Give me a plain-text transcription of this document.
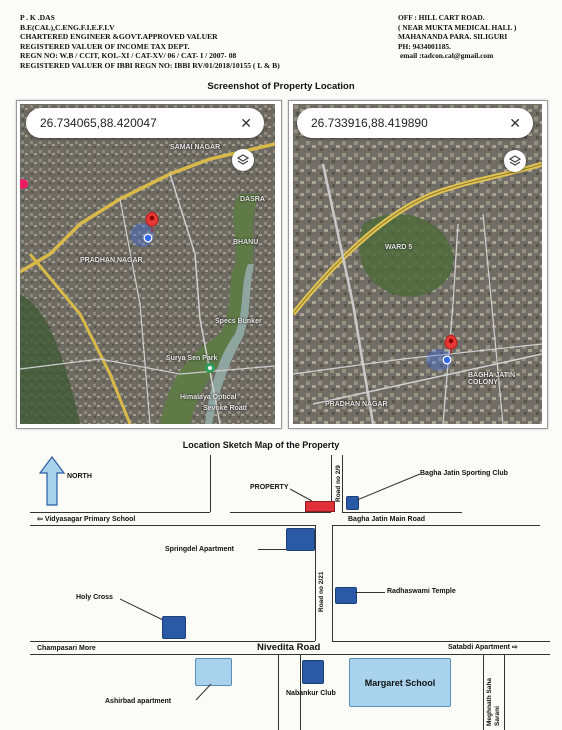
P . K .DAS
B.E(CAL),C.ENG.F.I.E.F.I.V
CHARTERED ENGINEER &GOVT.APPROVED VALUER
REGISTERED VALUER OF INCOME TAX DEPT.
REGN NO: W.B / CCIT, KOL-XI / CAT-XV/ 06 / CAT- I / 2007- 08
REGISTERED VALUER OF IBBI REGN NO: IBBI RV/01/2018/10155 ( L & B)
OFF : HILL CART ROAD.
( NEAR MUKTA MEDICAL HALL )
MAHANANDA PARA. SILIGURI
PH: 9434001185.
email :tadcon.cal@gmail.com
Screenshot of Property Location
SAMAI NAGAR
DASRA
BHANU
PRADHAN NAGAR
Surya Sen Park
Himalaya Optical
Sevoke Road
Specs Bunker
26.734065,88.420047	✕
WARD 5
BAGHA JATIN COLONY
PRADHAN NAGAR
26.733916,88.419890	✕
Location Sketch Map of the Property
NORTH
PROPERTY
Bagha Jatin Sporting Club
Road no 2/9
⇦ Vidyasagar Primary School	Bagha Jatin Main Road
Springdel Apartment
Road no 2/21	Radhaswami Temple
Holy Cross
Champasari More	Nivedita Road	Satabdi Apartment ⇨
Ashirbad apartment
Nabankur Club
Margaret School	Meghnath Saha Sarani
